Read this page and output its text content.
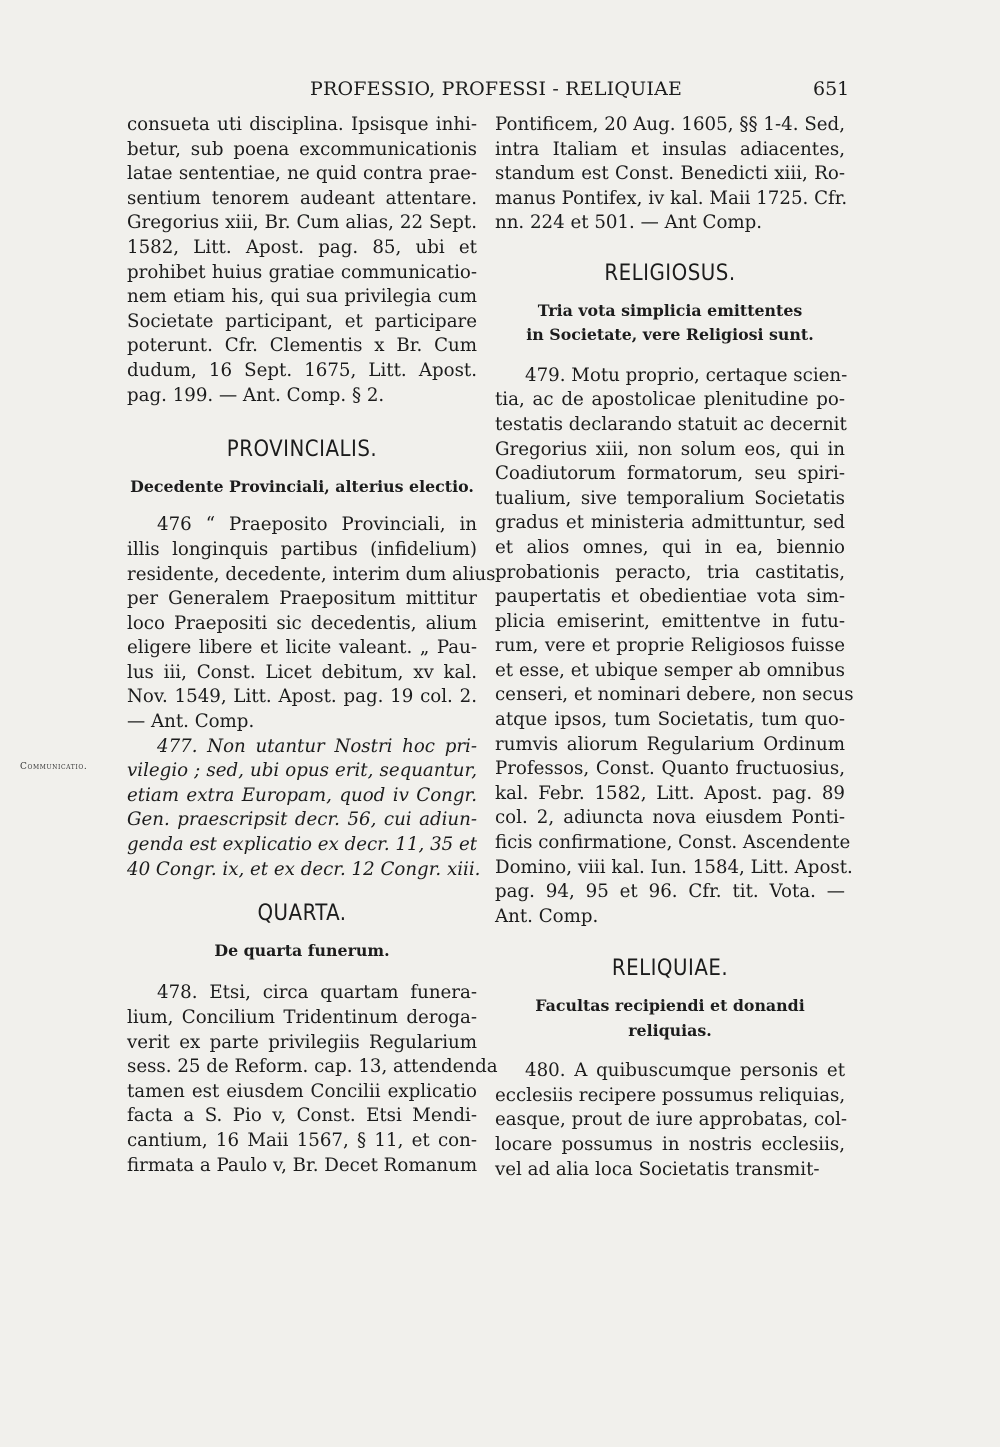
PROFESSIO, PROFESSI - RELIQUIAE	651
Communicatio.
consueta uti disciplina. Ipsisque inhi-
betur, sub poena excommunicationis
latae sententiae, ne quid contra prae-
sentium tenorem audeant attentare.
Gregorius xiii, Br. Cum alias, 22 Sept.
1582, Litt. Apost. pag. 85, ubi et
prohibet huius gratiae communicatio-
nem etiam his, qui sua privilegia cum
Societate participant, et participare
poterunt. Cfr. Clementis x Br. Cum
dudum, 16 Sept. 1675, Litt. Apost.
pag. 199. — Ant. Comp. § 2.

PROVINCIALIS.

Decedente Provinciali, alterius electio.

476 “ Praeposito Provinciali, in
illis longinquis partibus (infidelium)
residente, decedente, interim dum alius
per Generalem Praepositum mittitur
loco Praepositi sic decedentis, alium
eligere libere et licite valeant. „ Pau-
lus iii, Const. Licet debitum, xv kal.
Nov. 1549, Litt. Apost. pag. 19 col. 2.
— Ant. Comp.
477. Non utantur Nostri hoc pri-
vilegio ; sed, ubi opus erit, sequantur,
etiam extra Europam, quod iv Congr.
Gen. praescripsit decr. 56, cui adiun-
genda est explicatio ex decr. 11, 35 et
40 Congr. ix, et ex decr. 12 Congr. xiii.

QUARTA.

De quarta funerum.

478. Etsi, circa quartam funera-
lium, Concilium Tridentinum deroga-
verit ex parte privilegiis Regularium
sess. 25 de Reform. cap. 13, attendenda
tamen est eiusdem Concilii explicatio
facta a S. Pio v, Const. Etsi Mendi-
cantium, 16 Maii 1567, § 11, et con-
firmata a Paulo v, Br. Decet Romanum
Pontificem, 20 Aug. 1605, §§ 1-4. Sed,
intra Italiam et insulas adiacentes,
standum est Const. Benedicti xiii, Ro-
manus Pontifex, iv kal. Maii 1725. Cfr.
nn. 224 et 501. — Ant Comp.

RELIGIOSUS.

Tria vota simplicia emittentes
in Societate, vere Religiosi sunt.
479. Motu proprio, certaque scien-
tia, ac de apostolicae plenitudine po-
testatis declarando statuit ac decernit
Gregorius xiii, non solum eos, qui in
Coadiutorum formatorum, seu spiri-
tualium, sive temporalium Societatis
gradus et ministeria admittuntur, sed
et alios omnes, qui in ea, biennio
probationis peracto, tria castitatis,
paupertatis et obedientiae vota sim-
plicia emiserint, emittentve in futu-
rum, vere et proprie Religiosos fuisse
et esse, et ubique semper ab omnibus
censeri, et nominari debere, non secus
atque ipsos, tum Societatis, tum quo-
rumvis aliorum Regularium Ordinum
Professos, Const. Quanto fructuosius,
kal. Febr. 1582, Litt. Apost. pag. 89
col. 2, adiuncta nova eiusdem Ponti-
ficis confirmatione, Const. Ascendente
Domino, viii kal. Iun. 1584, Litt. Apost.
pag. 94, 95 et 96. Cfr. tit. Vota. —
Ant. Comp.

RELIQUIAE.

Facultas recipiendi et donandi
reliquias.
480. A quibuscumque personis et
ecclesiis recipere possumus reliquias,
easque, prout de iure approbatas, col-
locare possumus in nostris ecclesiis,
vel ad alia loca Societatis transmit-
